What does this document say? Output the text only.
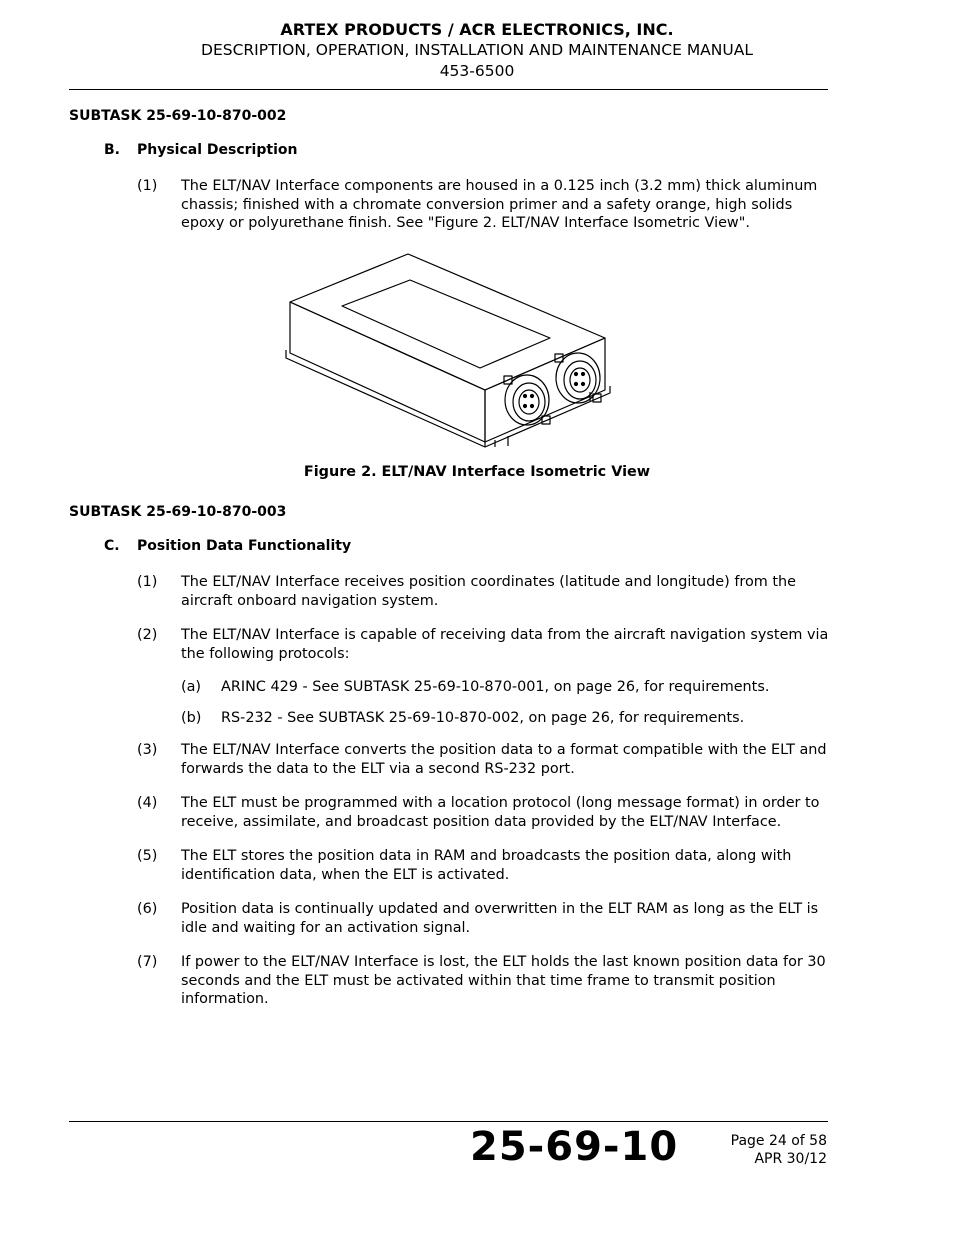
ARTEX PRODUCTS / ACR ELECTRONICS, INC.
DESCRIPTION, OPERATION, INSTALLATION AND MAINTENANCE MANUAL
453-6500
SUBTASK 25-69-10-870-002
B. Physical Description
(1) The ELT/NAV Interface components are housed in a 0.125 inch (3.2 mm) thick aluminum chassis; finished with a chromate conversion primer and a safety orange, high solids epoxy or polyurethane finish. See "Figure 2. ELT/NAV Interface Isometric View".
Figure 2. ELT/NAV Interface Isometric View
SUBTASK 25-69-10-870-003
C. Position Data Functionality
(1) The ELT/NAV Interface receives position coordinates (latitude and longitude) from the aircraft onboard navigation system.
(2) The ELT/NAV Interface is capable of receiving data from the aircraft navigation system via the following protocols:
(a) ARINC 429 - See SUBTASK 25-69-10-870-001, on page 26, for requirements.
(b) RS-232 - See SUBTASK 25-69-10-870-002, on page 26, for requirements.
(3) The ELT/NAV Interface converts the position data to a format compatible with the ELT and forwards the data to the ELT via a second RS-232 port.
(4) The ELT must be programmed with a location protocol (long message format) in order to receive, assimilate, and broadcast position data provided by the ELT/NAV Interface.
(5) The ELT stores the position data in RAM and broadcasts the position data, along with identification data, when the ELT is activated.
(6) Position data is continually updated and overwritten in the ELT RAM as long as the ELT is idle and waiting for an activation signal.
(7) If power to the ELT/NAV Interface is lost, the ELT holds the last known position data for 30 seconds and the ELT must be activated within that time frame to transmit position information.
25-69-10	Page 24 of 58
APR 30/12
